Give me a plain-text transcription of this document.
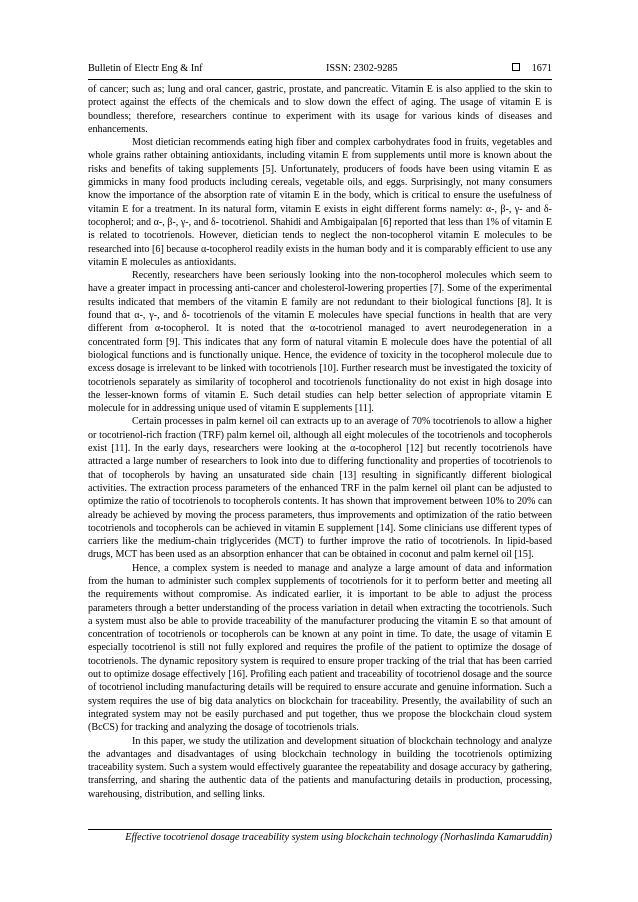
Bulletin of Electr Eng & Inf	ISSN: 2302-9285	1671

of cancer; such as; lung and oral cancer, gastric, prostate, and pancreatic. Vitamin E is also applied to the skin to protect against the effects of the chemicals and to slow down the effect of aging. The usage of vitamin E is boundless; therefore, researchers continue to experiment with its usage for various kinds of diseases and enhancements.

Most dietician recommends eating high fiber and complex carbohydrates food in fruits, vegetables and whole grains rather obtaining antioxidants, including vitamin E from supplements until more is known about the risks and benefits of taking supplements [5]. Unfortunately, producers of foods have been using vitamin E as gimmicks in many food products including cereals, vegetable oils, and eggs. Surprisingly, not many consumers know the importance of the absorption rate of vitamin E in the body, which is critical to ensure the usefulness of vitamin E for a treatment. In its natural form, vitamin E exists in eight different forms namely: α-, β-, γ- and δ-tocopherol; and α-, β-, γ-, and δ- tocotrienol. Shahidi and Ambigaipalan [6] reported that less than 1% of vitamin E is related to tocotrienols. However, dietician tends to neglect the non-tocopherol vitamin E molecules to be researched into [6] because α-tocopherol readily exists in the human body and it is comparably efficient to use any vitamin E molecules as antioxidants.

Recently, researchers have been seriously looking into the non-tocopherol molecules which seem to have a greater impact in processing anti-cancer and cholesterol-lowering properties [7]. Some of the experimental results indicated that members of the vitamin E family are not redundant to their biological functions [8]. It is found that α-, γ-, and δ- tocotrienols of the vitamin E molecules have special functions in health that are very different from α-tocopherol. It is noted that the α-tocotrienol managed to avert neurodegeneration in a concentrated form [9]. This indicates that any form of natural vitamin E molecule does have the potential of all biological functions and is functionally unique. Hence, the evidence of toxicity in the tocopherol molecule due to excess dosage is irrelevant to be linked with tocotrienols [10]. Further research must be investigated the toxicity of tocotrienols separately as similarity of tocopherol and tocotrienols functionality do not exist in high dosage into the lesser-known forms of vitamin E. Such detail studies can help better selection of appropriate vitamin E molecule for in addressing unique used of vitamin E supplements [11].

Certain processes in palm kernel oil can extracts up to an average of 70% tocotrienols to allow a higher or tocotrienol-rich fraction (TRF) palm kernel oil, although all eight molecules of the tocotrienols and tocopherols exist [11]. In the early days, researchers were looking at the α-tocopherol [12] but recently tocotrienols have attracted a large number of researchers to look into due to differing functionality and properties of tocotrienols to that of tocopherols by having an unsaturated side chain [13] resulting in significantly different biological activities. The extraction process parameters of the enhanced TRF in the palm kernel oil plant can be adjusted to optimize the ratio of tocotrienols to tocopherols contents. It has shown that improvement between 10% to 20% can already be achieved by moving the process parameters, thus improvements and optimization of the ratio between tocotrienols and tocopherols can be achieved in vitamin E supplement [14]. Some clinicians use different types of carriers like the medium-chain triglycerides (MCT) to further improve the ratio of tocotrienols. In lipid-based drugs, MCT has been used as an absorption enhancer that can be obtained in coconut and palm kernel oil [15].

Hence, a complex system is needed to manage and analyze a large amount of data and information from the human to administer such complex supplements of tocotrienols for it to perform better and meeting all the requirements without compromise. As indicated earlier, it is important to be able to adjust the process parameters through a better understanding of the process variation in detail when extracting the tocotrienols. Such a system must also be able to provide traceability of the manufacturer producing the vitamin E so that amount of concentration of tocotrienols or tocopherols can be known at any point in time. To date, the usage of vitamin E especially tocotrienol is still not fully explored and requires the profile of the patient to optimize the dosage of tocotrienols. The dynamic repository system is required to ensure proper tracking of the trial that has been carried out to optimize dosage effectively [16]. Profiling each patient and traceability of tocotrienol dosage and the source of tocotrienol including manufacturing details will be required to ensure accurate and genuine information. Such a system requires the use of big data analytics on blockchain for traceability. Presently, the availability of such an integrated system may not be easily purchased and put together, thus we propose the blockchain cloud system (BcCS) for tracking and analyzing the dosage of tocotrienols trials.

In this paper, we study the utilization and development situation of blockchain technology and analyze the advantages and disadvantages of using blockchain technology in building the tocotrienols optimizing traceability system. Such a system would effectively guarantee the repeatability and dosage accuracy by gathering, transferring, and sharing the authentic data of the patients and manufacturing details in production, processing, warehousing, distribution, and selling links.

Effective tocotrienol dosage traceability system using blockchain technology (Norhaslinda Kamaruddin)
